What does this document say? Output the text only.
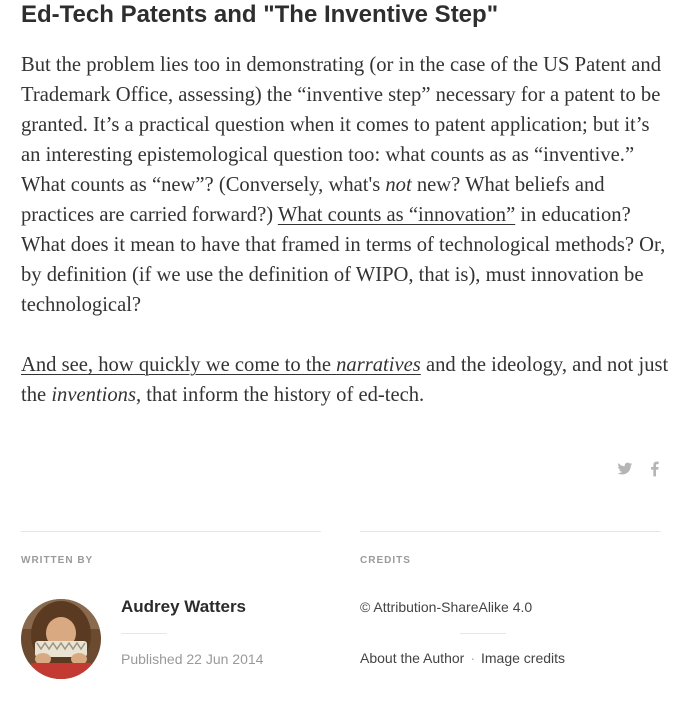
Ed-Tech Patents and "The Inventive Step"

But the problem lies too in demonstrating (or in the case of the US Patent and Trademark Office, assessing) the “inventive step” necessary for a patent to be granted. It’s a practical question when it comes to patent application; but it’s an interesting epistemological question too: what counts as as “inventive.” What counts as “new”? (Conversely, what's not new? What beliefs and practices are carried forward?) What counts as “innovation” in education? What does it mean to have that framed in terms of technological methods? Or, by definition (if we use the definition of WIPO, that is), must innovation be technological?

And see, how quickly we come to the narratives and the ideology, and not just the inventions, that inform the history of ed-tech.

WRITTEN BY	CREDITS
Audrey Watters
Published 22 Jun 2014
© Attribution-ShareAlike 4.0
About the Author · Image credits
